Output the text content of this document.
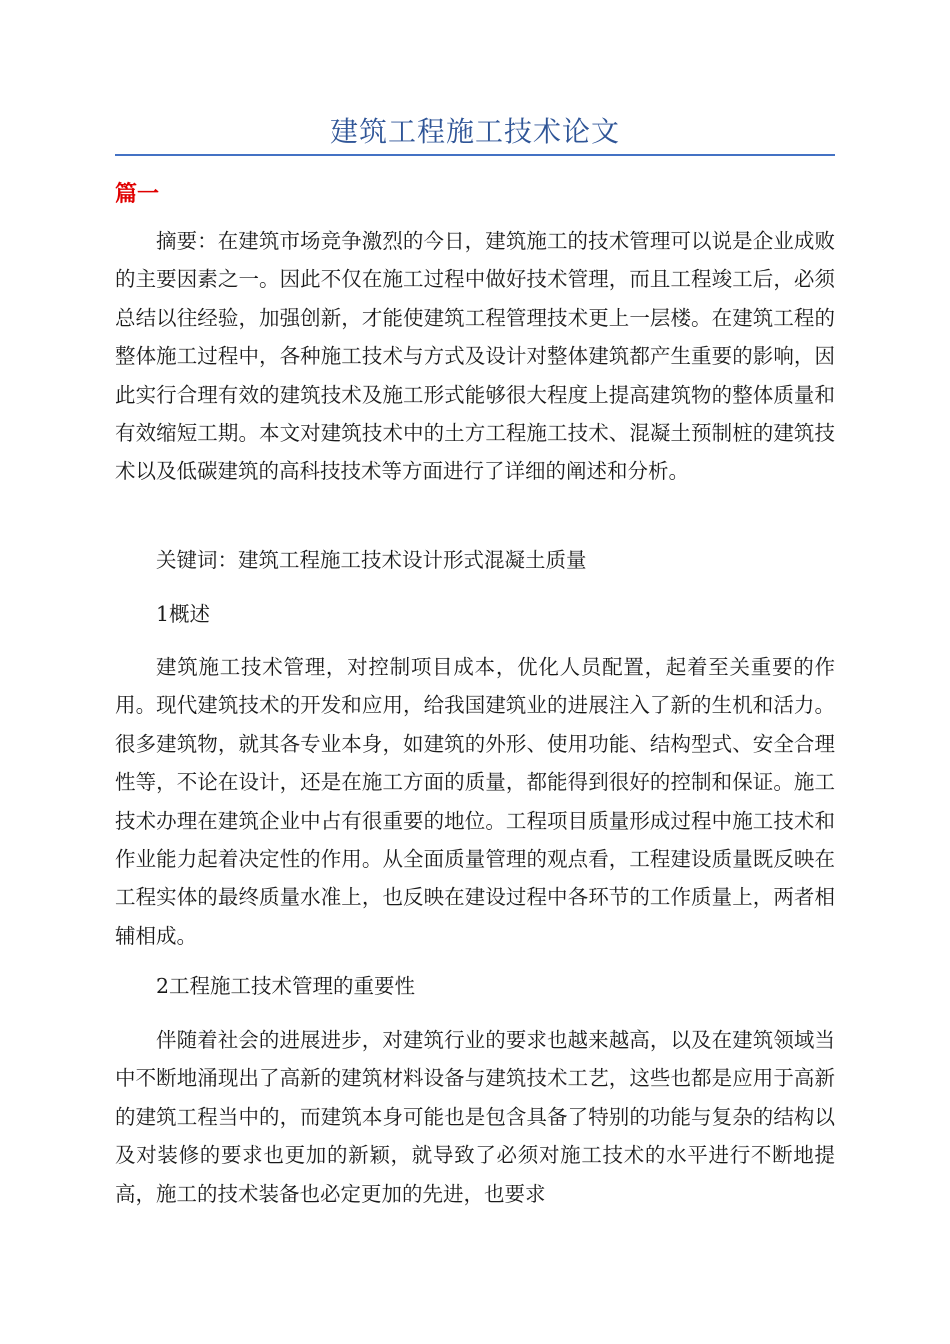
建筑工程施工技术论文
篇一

摘要：在建筑市场竞争激烈的今日，建筑施工的技术管理可以说是企业成败的主要因素之一。因此不仅在施工过程中做好技术管理，而且工程竣工后，必须总结以往经验，加强创新，才能使建筑工程管理技术更上一层楼。在建筑工程的整体施工过程中，各种施工技术与方式及设计对整体建筑都产生重要的影响，因此实行合理有效的建筑技术及施工形式能够很大程度上提高建筑物的整体质量和有效缩短工期。本文对建筑技术中的土方工程施工技术、混凝土预制桩的建筑技术以及低碳建筑的高科技技术等方面进行了详细的阐述和分析。

关键词：建筑工程施工技术设计形式混凝土质量

1概述

建筑施工技术管理，对控制项目成本，优化人员配置，起着至关重要的作用。现代建筑技术的开发和应用，给我国建筑业的进展注入了新的生机和活力。很多建筑物，就其各专业本身，如建筑的外形、使用功能、结构型式、安全合理性等，不论在设计，还是在施工方面的质量，都能得到很好的控制和保证。施工技术办理在建筑企业中占有很重要的地位。工程项目质量形成过程中施工技术和作业能力起着决定性的作用。从全面质量管理的观点看，工程建设质量既反映在工程实体的最终质量水准上，也反映在建设过程中各环节的工作质量上，两者相辅相成。

2工程施工技术管理的重要性

伴随着社会的进展进步，对建筑行业的要求也越来越高，以及在建筑领域当中不断地涌现出了高新的建筑材料设备与建筑技术工艺，这些也都是应用于高新的建筑工程当中的，而建筑本身可能也是包含具备了特别的功能与复杂的结构以及对装修的要求也更加的新颖，就导致了必须对施工技术的水平进行不断地提高，施工的技术装备也必定更加的先进，也要求
